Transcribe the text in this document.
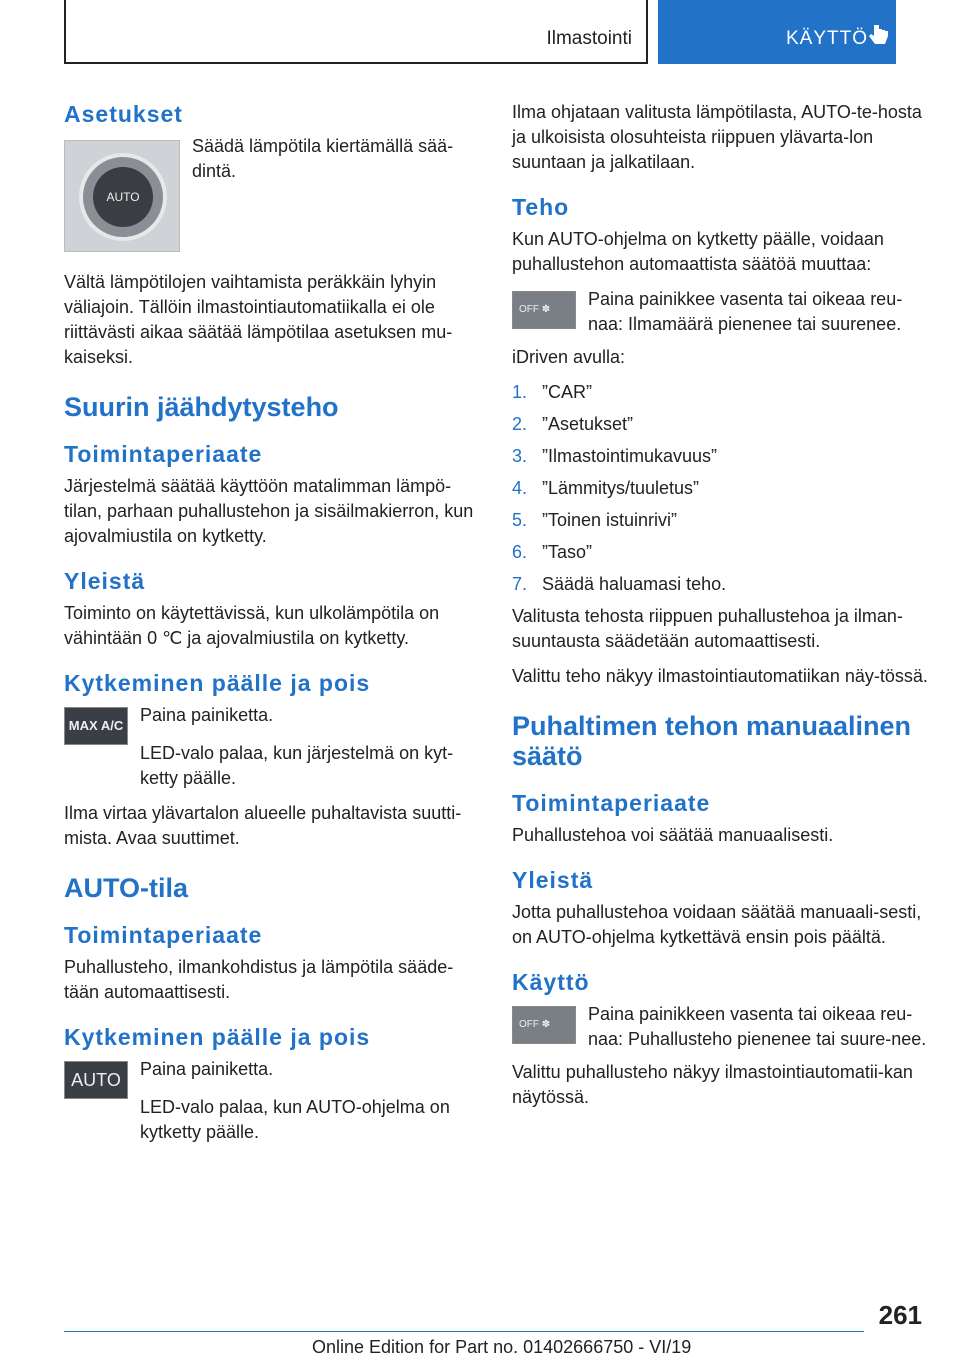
Ilmastointi	KÄYTTÖ
Asetukset
AUTO

Säädä lämpötila kiertämällä sää-dintä.

Vältä lämpötilojen vaihtamista peräkkäin lyhyin väliajoin. Tällöin ilmastointiautomatiikalla ei ole riittävästi aikaa säätää lämpötilaa asetuksen mu-kaiseksi.

Suurin jäähdytysteho
Toimintaperiaate

Järjestelmä säätää käyttöön matalimman lämpö-tilan, parhaan puhallustehon ja sisäilmakierron, kun ajovalmiustila on kytketty.

Yleistä

Toiminto on käytettävissä, kun ulkolämpötila on vähintään 0 ℃ ja ajovalmiustila on kytketty.

Kytkeminen päälle ja pois
MAX A/C

Paina painiketta.

LED-valo palaa, kun järjestelmä on kyt-ketty päälle.

Ilma virtaa ylävartalon alueelle puhaltavista suutti-mista. Avaa suuttimet.

AUTO-tila
Toimintaperiaate

Puhallusteho, ilmankohdistus ja lämpötila sääde-tään automaattisesti.

Kytkeminen päälle ja pois
AUTO

Paina painiketta.

LED-valo palaa, kun AUTO-ohjelma on kytketty päälle.

Ilma ohjataan valitusta lämpötilasta, AUTO-te-hosta ja ulkoisista olosuhteista riippuen ylävarta-lon suuntaan ja jalkatilaan.

Teho

Kun AUTO-ohjelma on kytketty päälle, voidaan puhallustehon automaattista säätöä muuttaa:

OFF ✽

Paina painikkee vasenta tai oikeaa reu-naa: Ilmamäärä pienenee tai suurenee.

iDriven avulla:

1. ”CAR”
2. ”Asetukset”
3. ”Ilmastointimukavuus”
4. ”Lämmitys/tuuletus”
5. ”Toinen istuinrivi”
6. ”Taso”
7. Säädä haluamasi teho.

Valitusta tehosta riippuen puhallustehoa ja ilman-suuntausta säädetään automaattisesti.

Valittu teho näkyy ilmastointiautomatiikan näy-tössä.

Puhaltimen tehon manuaalinen säätö
Toimintaperiaate

Puhallustehoa voi säätää manuaalisesti.

Yleistä

Jotta puhallustehoa voidaan säätää manuaali-sesti, on AUTO-ohjelma kytkettävä ensin pois päältä.

Käyttö
OFF ✽

Paina painikkeen vasenta tai oikeaa reu-naa: Puhallusteho pienenee tai suure-nee.

Valittu puhallusteho näkyy ilmastointiautomatii-kan näytössä.

261
Online Edition for Part no. 01402666750 - VI/19
